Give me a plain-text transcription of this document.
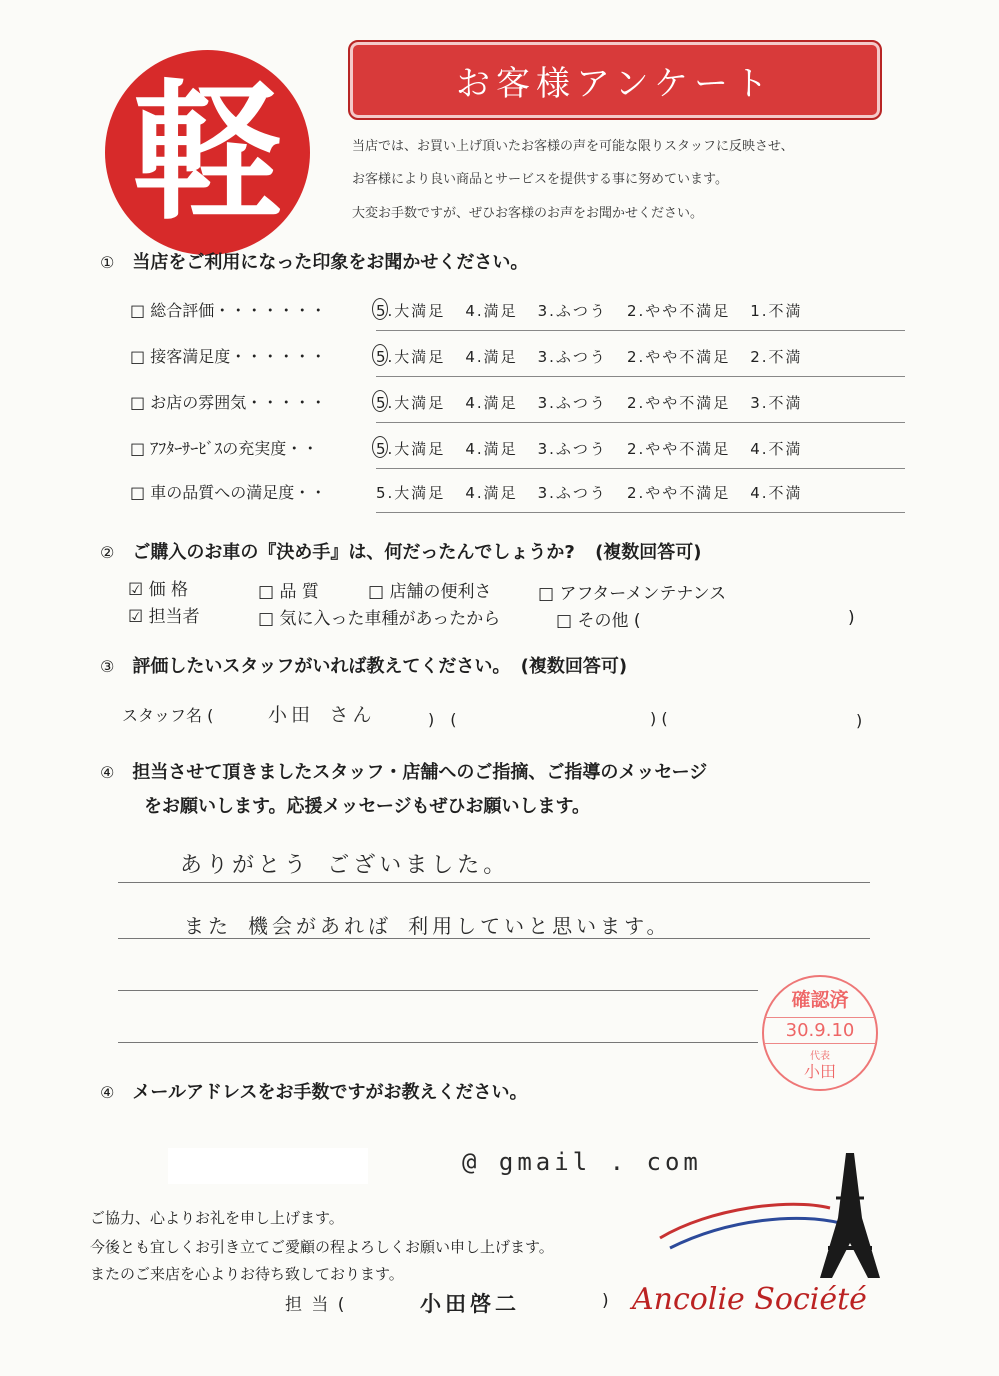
軽	お客様アンケート
当店では、お買い上げ頂いたお客様の声を可能な限りスタッフに反映させ、
お客様により良い商品とサービスを提供する事に努めています。
大変お手数ですが、ぜひお客様のお声をお聞かせください。
① 当店をご利用になった印象をお聞かせください。
□ 総合評価・・・・・・・	5.大満足 4.満足 3.ふつう 2.やや不満足 1.不満
□ 接客満足度・・・・・・	5.大満足 4.満足 3.ふつう 2.やや不満足 2.不満
□ お店の雰囲気・・・・・	5.大満足 4.満足 3.ふつう 2.やや不満足 3.不満
□ ｱﾌﾀｰｻｰﾋﾞｽの充実度・・	5.大満足 4.満足 3.ふつう 2.やや不満足 4.不満
□ 車の品質への満足度・・	5.大満足 4.満足 3.ふつう 2.やや不満足 4.不満
② ご購入のお車の『決め手』は、何だったんでしょうか? (複数回答可)
☑ 価 格	□ 品 質	□ 店舗の便利さ	□ アフターメンテナンス
☑ 担当者	□ 気に入った車種があったから	□ その他 (	)
③ 評価したいスタッフがいれば教えてください。 (複数回答可)
スタッフ名 (	小田 さん	)　(	) (	)
④ 担当させて頂きましたスタッフ・店舗へのご指摘、ご指導のメッセージ
をお願いします。応援メッセージもぜひお願いします。
ありがとう ございました。
また 機会があれば 利用していと思います。
確認済
30.9.10
代表
小田
④ メールアドレスをお手数ですがお教えください。
@ gmail . com
ご協力、心よりお礼を申し上げます。
今後とも宜しくお引き立てご愛顧の程よろしくお願い申し上げます。
またのご来店を心よりお待ち致しております。
担 当 (	小田啓二	) Ancolie Société
